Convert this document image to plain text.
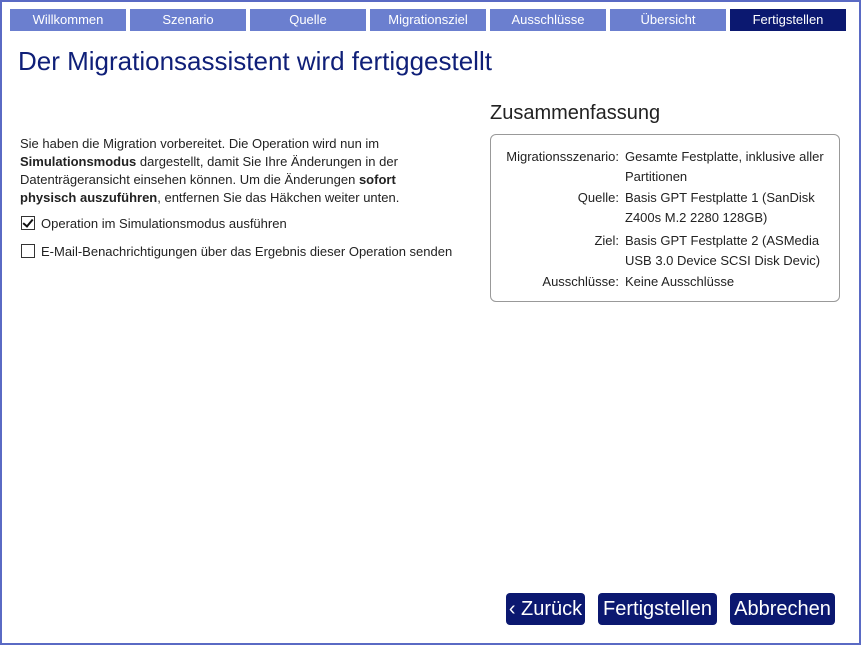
Willkommen	Szenario	Quelle	Migrationsziel	Ausschlüsse	Übersicht	Fertigstellen
Der Migrationsassistent wird fertiggestellt
Sie haben die Migration vorbereitet. Die Operation wird nun im Simulationsmodus dargestellt, damit Sie Ihre Änderungen in der Datenträgeransicht einsehen können. Um die Änderungen sofort physisch auszuführen, entfernen Sie das Häkchen weiter unten.
Operation im Simulationsmodus ausführen
E-Mail-Benachrichtigungen über das Ergebnis dieser Operation senden
Zusammenfassung
Migrationsszenario: Gesamte Festplatte, inklusive aller Partitionen
Quelle: Basis GPT Festplatte 1 (SanDisk Z400s M.2 2280 128GB)
Ziel: Basis GPT Festplatte 2 (ASMedia USB 3.0 Device SCSI Disk Devic)
Ausschlüsse: Keine Ausschlüsse
‹ Zurück Fertigstellen Abbrechen
